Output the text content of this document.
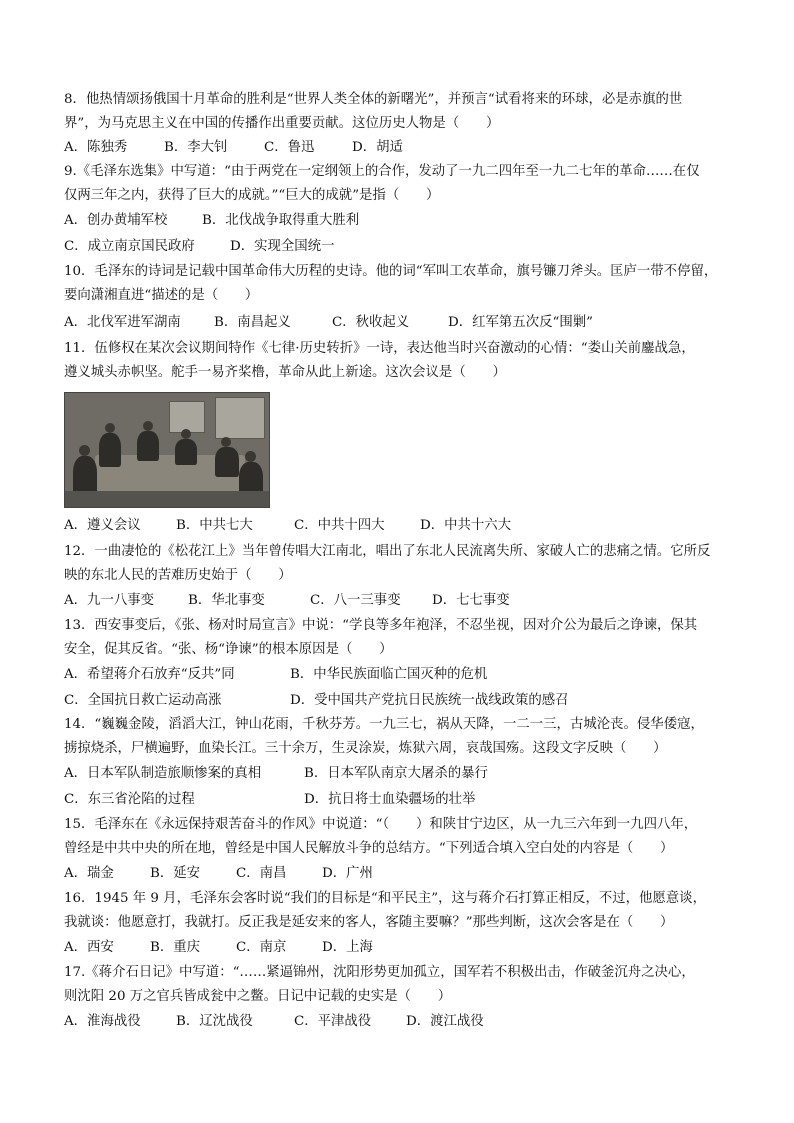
8．他热情颂扬俄国十月革命的胜利是“世界人类全体的新曙光”，并预言“试看将来的环球，必是赤旗的世
界”，为马克思主义在中国的传播作出重要贡献。这位历史人物是（　　）
A．陈独秀	B．李大钊	C．鲁迅	D．胡适
9.《毛泽东选集》中写道：“由于两党在一定纲领上的合作，发动了一九二四年至一九二七年的革命……在仅
仅两三年之内，获得了巨大的成就。”“巨大的成就”是指（　　）
A．创办黄埔军校	B．北伐战争取得重大胜利
C．成立南京国民政府	D．实现全国统一
10．毛泽东的诗词是记载中国革命伟大历程的史诗。他的词“军叫工农革命，旗号镰刀斧头。匡庐一带不停留，
要向潇湘直进“描述的是（　　）
A．北伐军进军湖南 B．南昌起义	C．秋收起义	D．红军第五次反“围剿”
11．伍修权在某次会议期间特作《七律·历史转折》一诗，表达他当时兴奋激动的心情：“娄山关前鏖战急，
遵义城头赤帜坚。舵手一易齐桨橹，革命从此上新途。这次会议是（　　）
A．遵义会议	B．中共七大	C．中共十四大	D．中共十六大
12．一曲凄怆的《松花江上》当年曾传唱大江南北，唱出了东北人民流离失所、家破人亡的悲痛之情。它所反
映的东北人民的苦难历史始于（　　）
A．九一八事变	B．华北事变	C．八一三事变 D．七七事变
13．西安事变后，《张、杨对时局宣言》中说：“学良等多年袍泽，不忍坐视，因对介公为最后之诤谏，保其
安全，促其反省。“张、杨“诤谏”的根本原因是（　　）
A．希望蒋介石放弃“反共”同	B．中华民族面临亡国灭种的危机
C．全国抗日救亡运动高涨	D．受中国共产党抗日民族统一战线政策的感召
14．“巍巍金陵，滔滔大江，钟山花雨，千秋芬芳。一九三七，祸从天降，一二一三，古城沦丧。侵华倭寇，
掳掠烧杀，尸横遍野，血染长江。三十余万，生灵涂炭，炼狱六周，哀哉国殇。这段文字反映（　　）
A．日本军队制造旅顺惨案的真相	B．日本军队南京大屠杀的暴行
C．东三省沦陷的过程	D．抗日将士血染疆场的壮举
15．毛泽东在《永远保持艰苦奋斗的作风》中说道：“（　　）和陕甘宁边区，从一九三六年到一九四八年，
曾经是中共中央的所在地，曾经是中国人民解放斗争的总结方。“下列适合填入空白处的内容是（　　）
A．瑞金	B．延安	C．南昌	D．广州
16．1945 年 9 月，毛泽东会客时说“我们的目标是“和平民主”，这与蒋介石打算正相反，不过，他愿意谈，
我就谈：他愿意打，我就打。反正我是延安来的客人，客随主要嘛？”那些判断，这次会客是在（　　）
A．西安	B．重庆	C．南京	D．上海
17.《蒋介石日记》中写道：“……紧逼锦州，沈阳形势更加孤立，国军若不积极出击，作破釜沉舟之决心，
则沈阳 20 万之官兵皆成瓮中之鳖。日记中记载的史实是（　　）
A．淮海战役	B．辽沈战役	C．平津战役	D．渡江战役
